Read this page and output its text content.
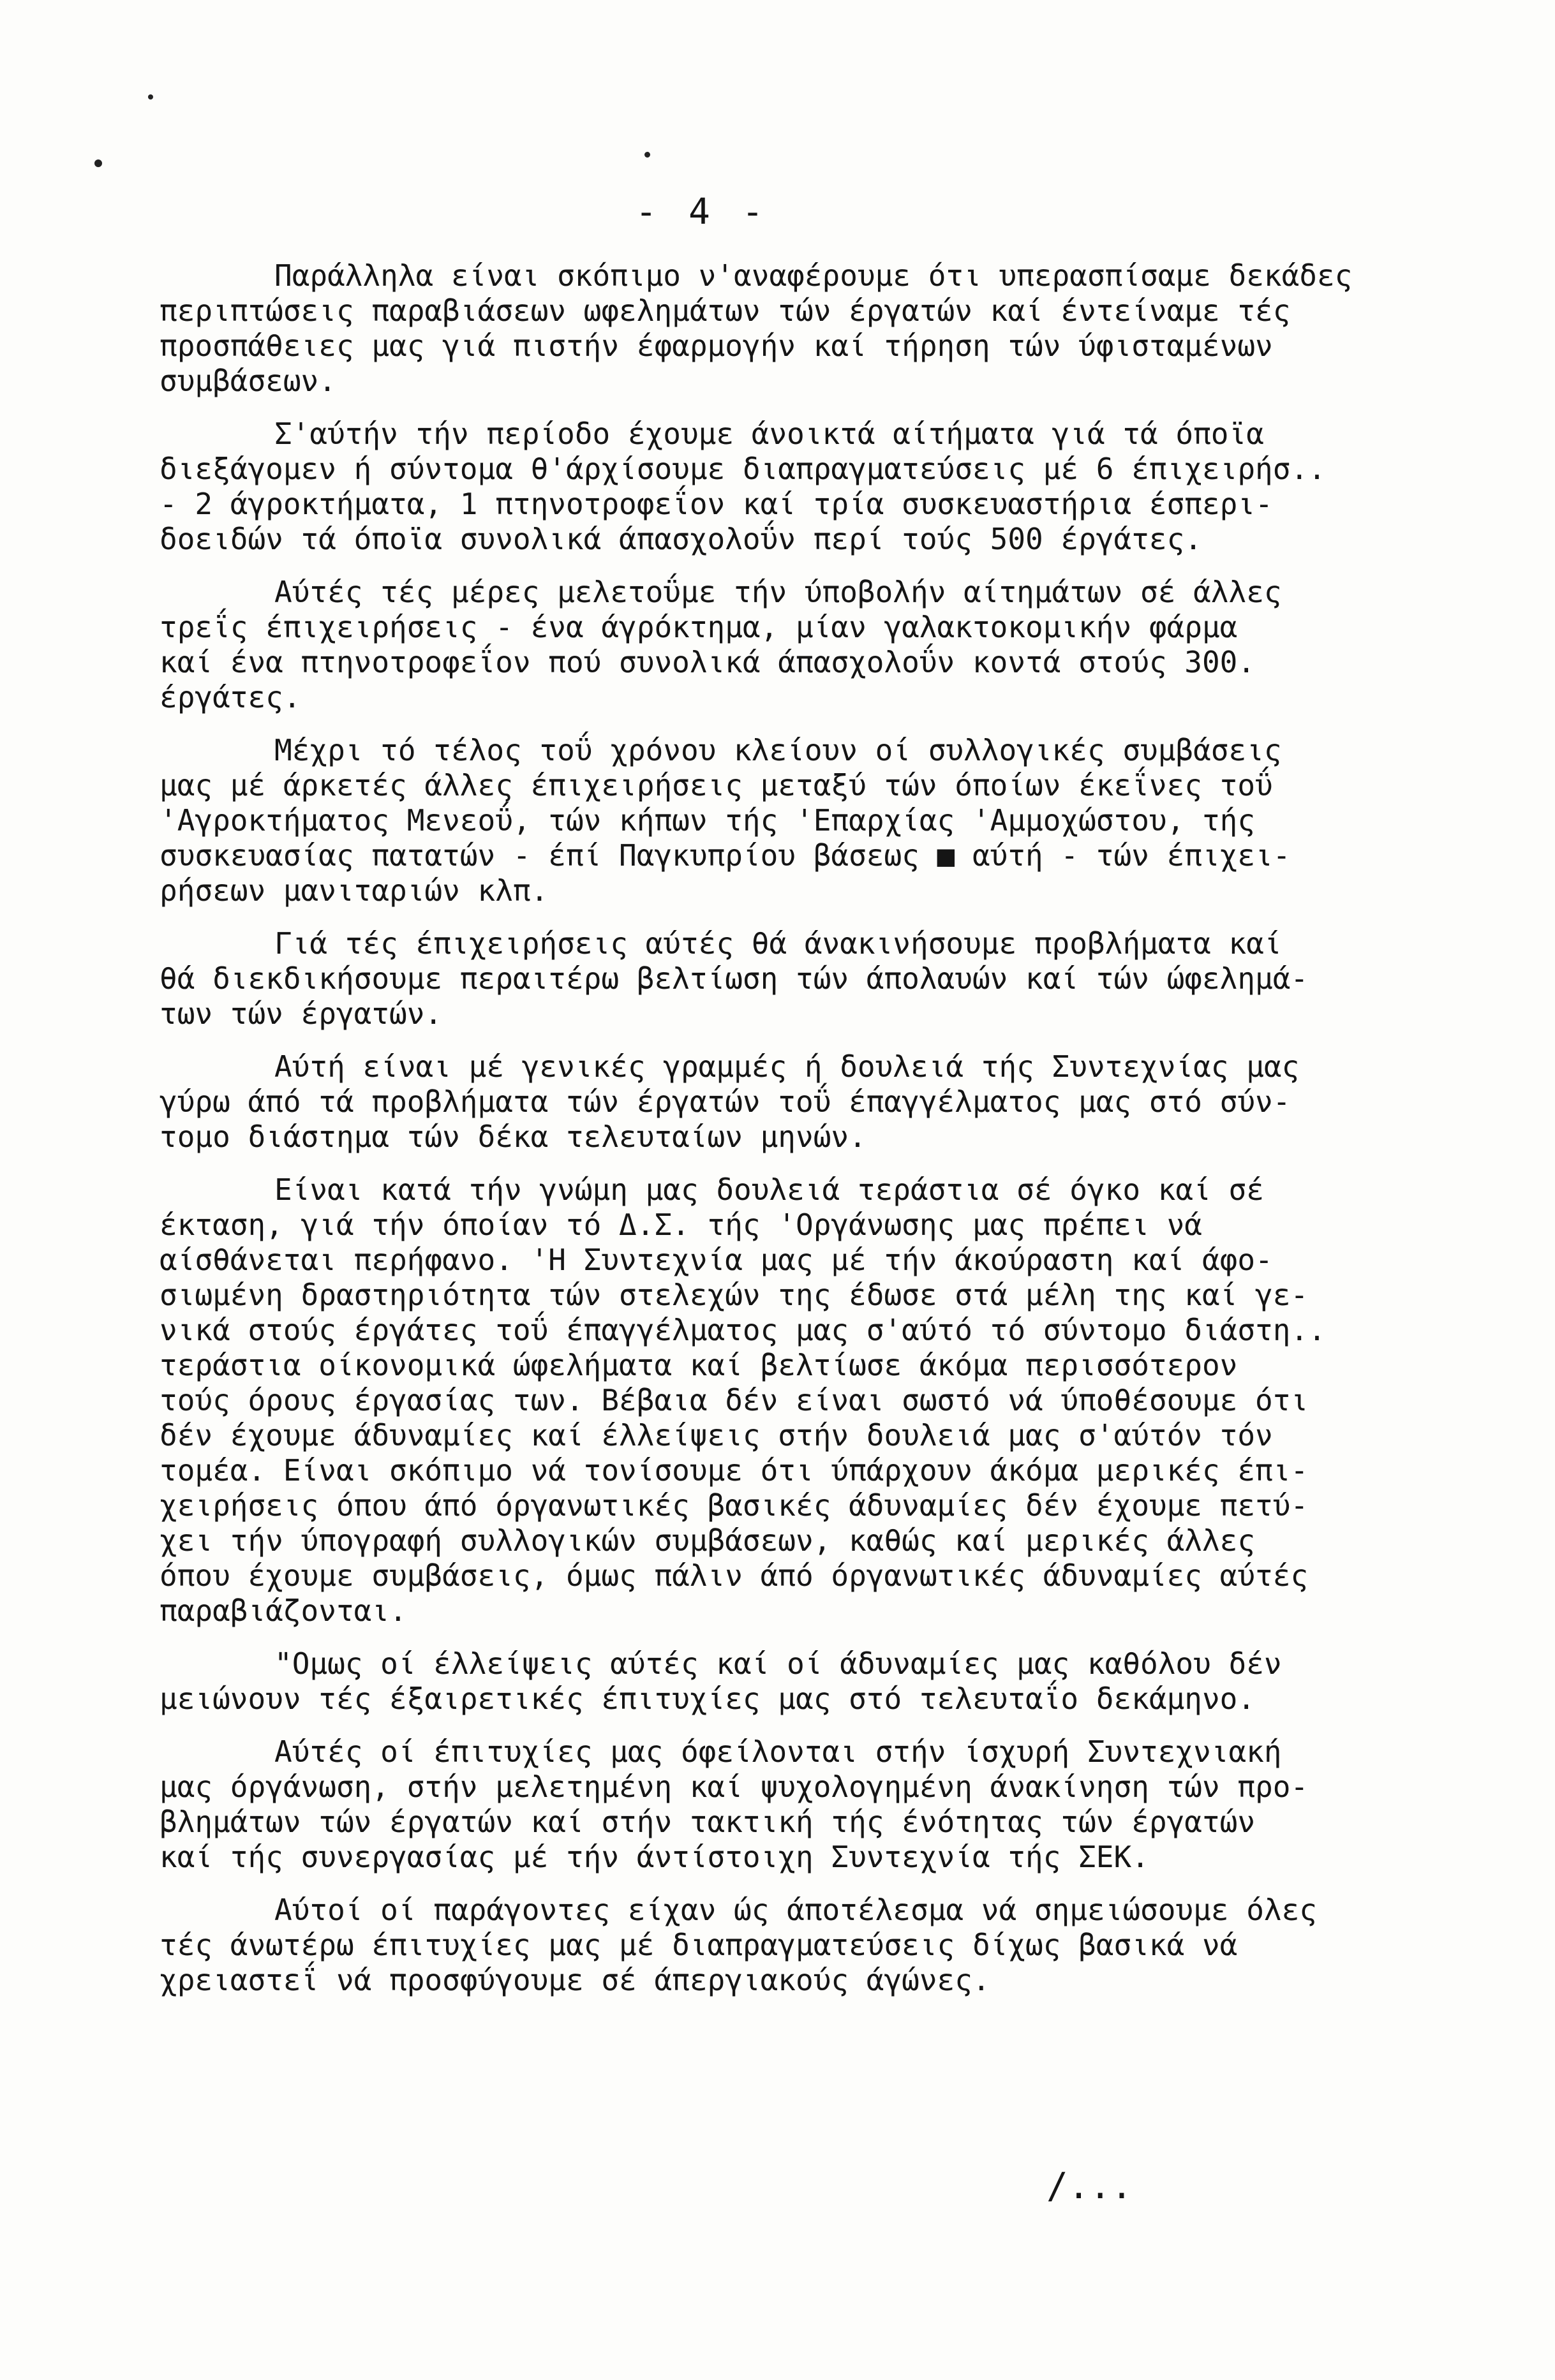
- 4 -
Παράλληλα είναι σκόπιμο ν'αναφέρουμε ότι υπερασπίσαμε δεκάδες
περιπτώσεις παραβιάσεων ωφελημάτων τών έργατών καί έντείναμε τές
προσπάθειες μας γιά πιστήν έφαρμογήν καί τήρηση τών ύφισταμένων
συμβάσεων.
Σ'αύτήν τήν περίοδο έχουμε άνοικτά αίτήματα γιά τά όποϊα
διεξάγομεν ή σύντομα θ'άρχίσουμε διαπραγματεύσεις μέ 6 έπιχειρήσ..
- 2 άγροκτήματα, 1 πτηνοτροφεΐον καί τρία συσκευαστήρια έσπερι-
δοειδών τά όποϊα συνολικά άπασχολοΰν περί τούς 500 έργάτες.
Αύτές τές μέρες μελετοΰμε τήν ύποβολήν αίτημάτων σέ άλλες
τρεΐς έπιχειρήσεις - ένα άγρόκτημα, μίαν γαλακτοκομικήν φάρμα
καί ένα πτηνοτροφεΐον πού συνολικά άπασχολοΰν κοντά στούς 300.
έργάτες.
Μέχρι τό τέλος τοΰ χρόνου κλείουν οί συλλογικές συμβάσεις
μας μέ άρκετές άλλες έπιχειρήσεις μεταξύ τών όποίων έκεΐνες τοΰ
'Αγροκτήματος Μενεοΰ, τών κήπων τής 'Επαρχίας 'Αμμοχώστου, τής
συσκευασίας πατατών - έπί Παγκυπρίου βάσεως ■ αύτή - τών έπιχει-
ρήσεων μανιταριών κλπ.
Γιά τές έπιχειρήσεις αύτές θά άνακινήσουμε προβλήματα καί
θά διεκδικήσουμε περαιτέρω βελτίωση τών άπολαυών καί τών ώφελημά-
των τών έργατών.
Αύτή είναι μέ γενικές γραμμές ή δουλειά τής Συντεχνίας μας
γύρω άπό τά προβλήματα τών έργατών τοΰ έπαγγέλματος μας στό σύν-
τομο διάστημα τών δέκα τελευταίων μηνών.
Είναι κατά τήν γνώμη μας δουλειά τεράστια σέ όγκο καί σέ
έκταση, γιά τήν όποίαν τό Δ.Σ. τής 'Οργάνωσης μας πρέπει νά
αίσθάνεται περήφανο. 'Η Συντεχνία μας μέ τήν άκούραστη καί άφο-
σιωμένη δραστηριότητα τών στελεχών της έδωσε στά μέλη της καί γε-
νικά στούς έργάτες τοΰ έπαγγέλματος μας σ'αύτό τό σύντομο διάστη..
τεράστια οίκονομικά ώφελήματα καί βελτίωσε άκόμα περισσότερον
τούς όρους έργασίας των. Βέβαια δέν είναι σωστό νά ύποθέσουμε ότι
δέν έχουμε άδυναμίες καί έλλείψεις στήν δουλειά μας σ'αύτόν τόν
τομέα. Είναι σκόπιμο νά τονίσουμε ότι ύπάρχουν άκόμα μερικές έπι-
χειρήσεις όπου άπό όργανωτικές βασικές άδυναμίες δέν έχουμε πετύ-
χει τήν ύπογραφή συλλογικών συμβάσεων, καθώς καί μερικές άλλες
όπου έχουμε συμβάσεις, όμως πάλιν άπό όργανωτικές άδυναμίες αύτές
παραβιάζονται.
"Ομως οί έλλείψεις αύτές καί οί άδυναμίες μας καθόλου δέν
μειώνουν τές έξαιρετικές έπιτυχίες μας στό τελευταΐο δεκάμηνο.
Αύτές οί έπιτυχίες μας όφείλονται στήν ίσχυρή Συντεχνιακή
μας όργάνωση, στήν μελετημένη καί ψυχολογημένη άνακίνηση τών προ-
βλημάτων τών έργατών καί στήν τακτική τής ένότητας τών έργατών
καί τής συνεργασίας μέ τήν άντίστοιχη Συντεχνία τής ΣΕΚ.
Αύτοί οί παράγοντες είχαν ώς άποτέλεσμα νά σημειώσουμε όλες
τές άνωτέρω έπιτυχίες μας μέ διαπραγματεύσεις δίχως βασικά νά
χρειαστεΐ νά προσφύγουμε σέ άπεργιακούς άγώνες.
/...
